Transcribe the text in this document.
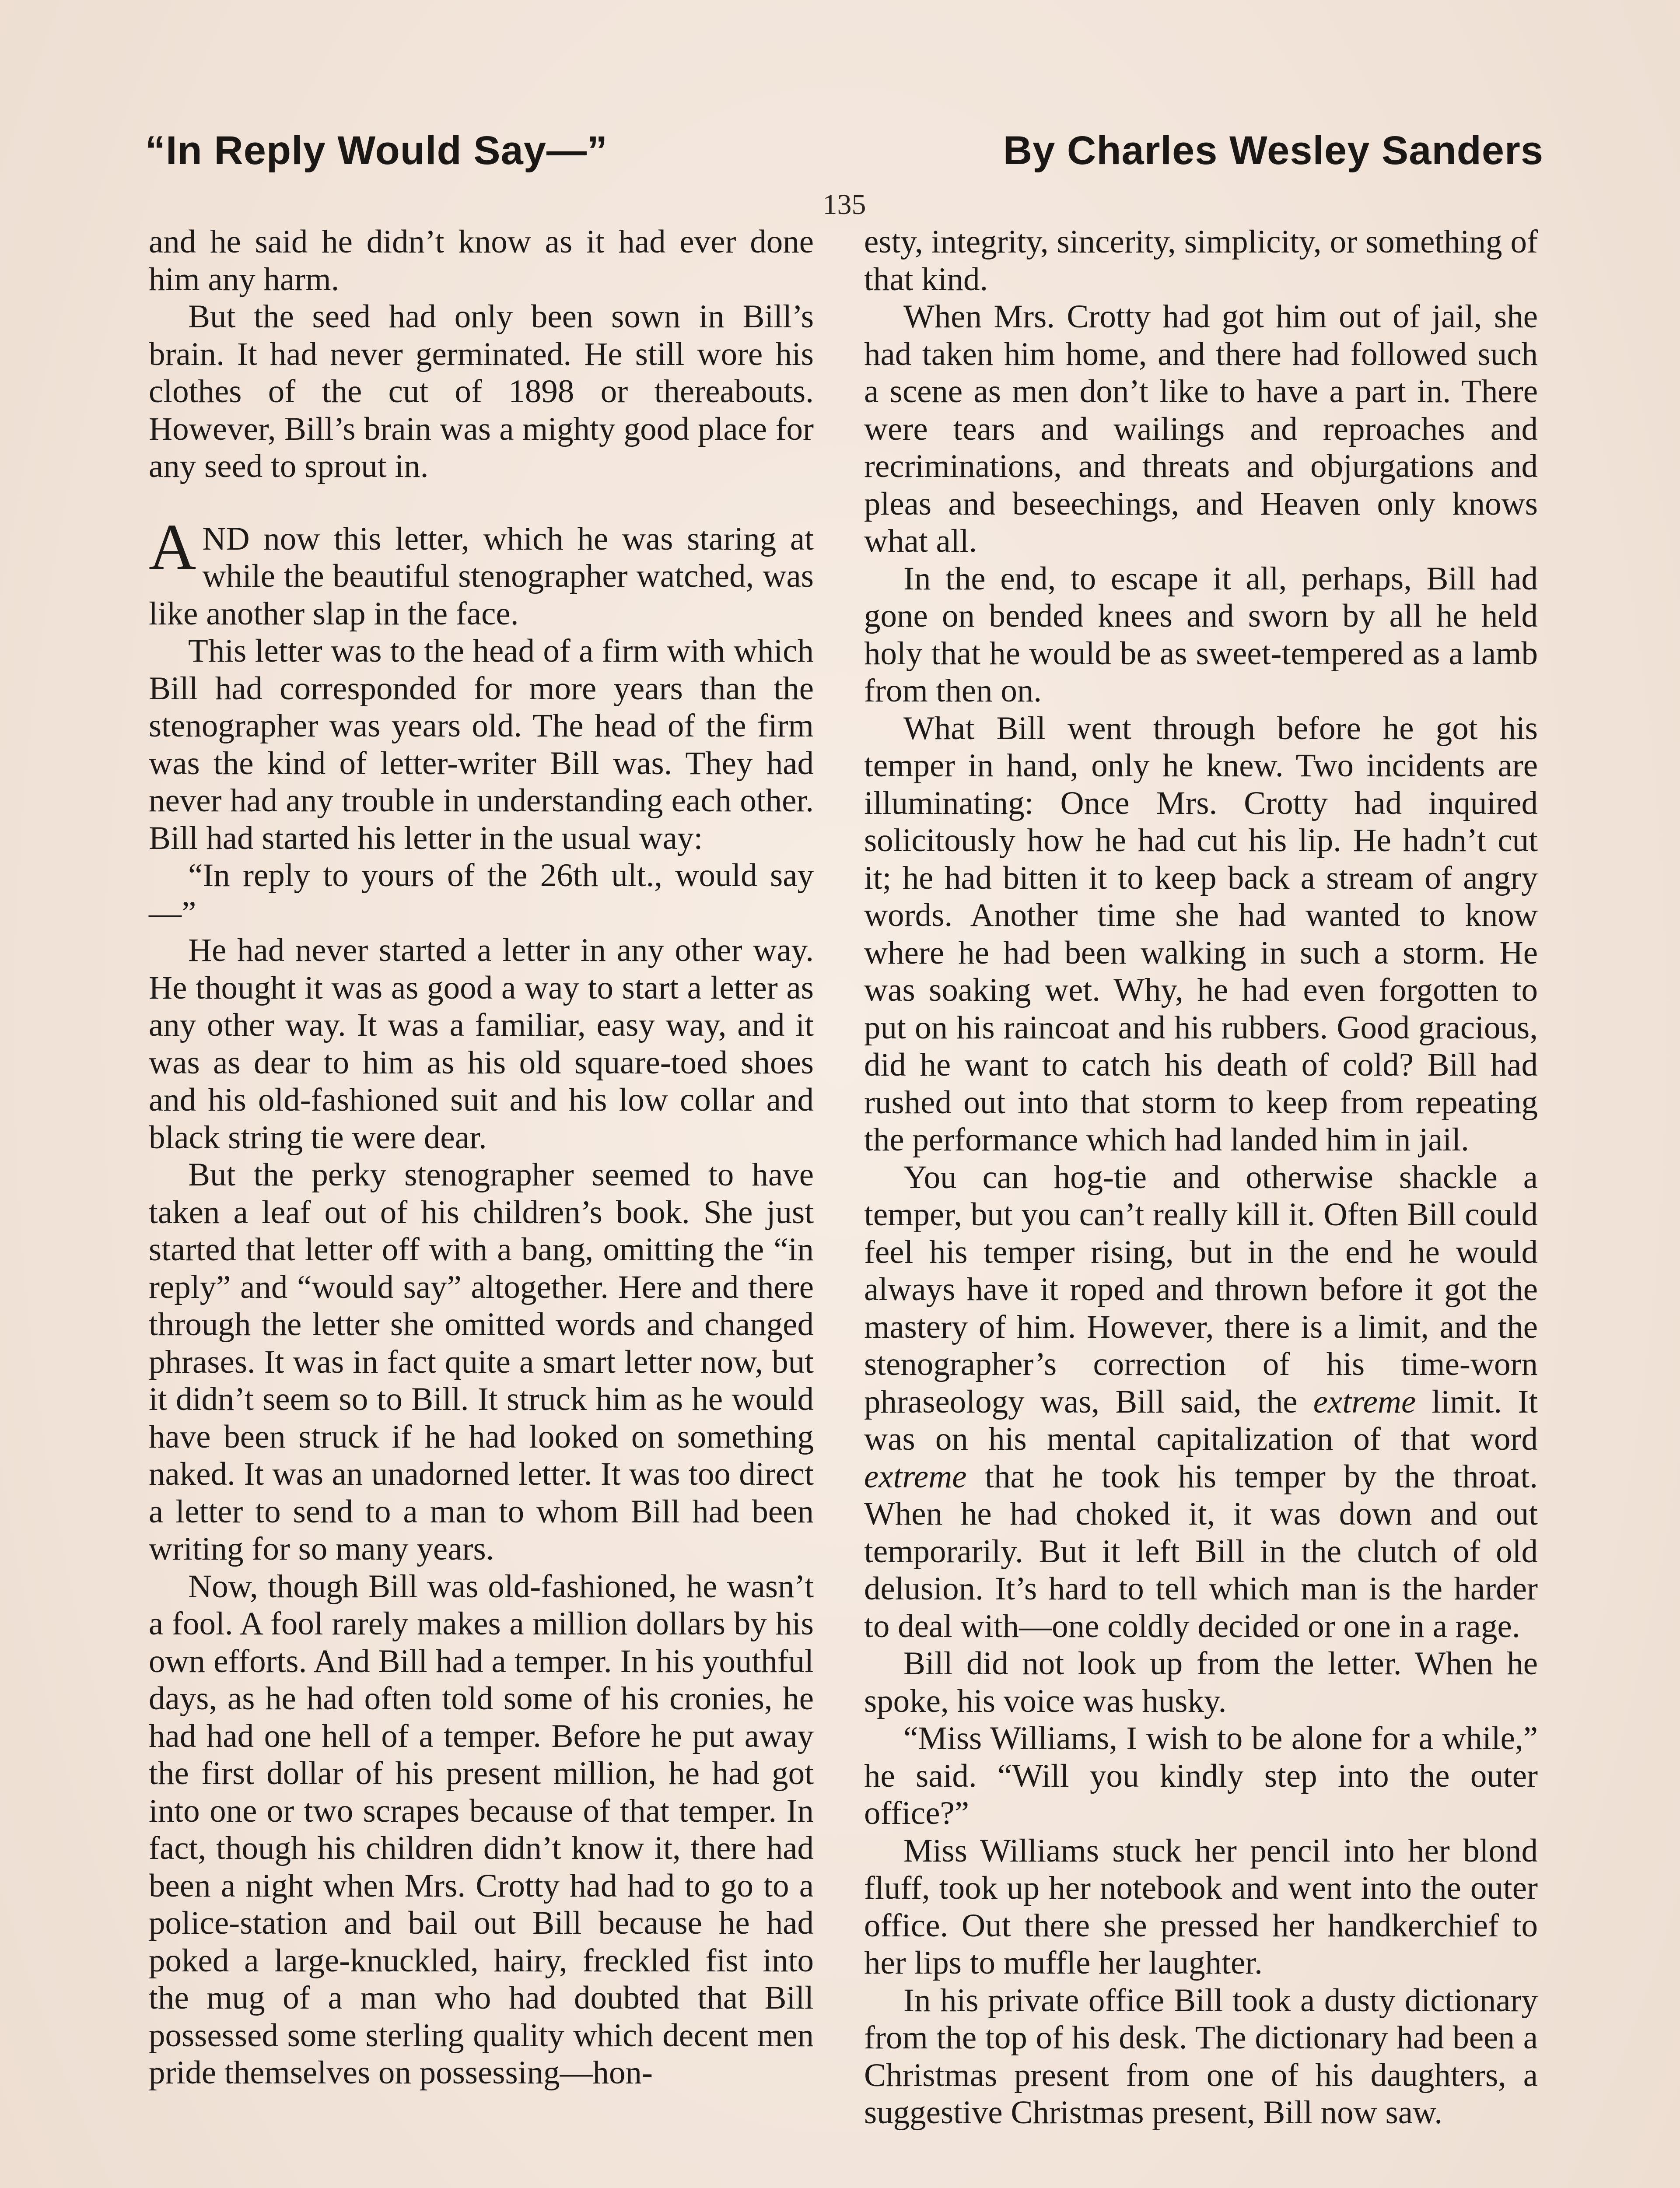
“In Reply Would Say—”	By Charles Wesley Sanders
135

and he said he didn’t know as it had ever done him any harm.

But the seed had only been sown in Bill’s brain. It had never germinated. He still wore his clothes of the cut of 1898 or thereabouts. However, Bill’s brain was a mighty good place for any seed to sprout in.

AND now this letter, which he was staring at while the beautiful stenographer watched, was like another slap in the face.

This letter was to the head of a firm with which Bill had corresponded for more years than the stenographer was years old. The head of the firm was the kind of letter-writer Bill was. They had never had any trouble in understanding each other. Bill had started his letter in the usual way:

“In reply to yours of the 26th ult., would say—”

He had never started a letter in any other way. He thought it was as good a way to start a letter as any other way. It was a familiar, easy way, and it was as dear to him as his old square-toed shoes and his old-fashioned suit and his low collar and black string tie were dear.

But the perky stenographer seemed to have taken a leaf out of his children’s book. She just started that letter off with a bang, omitting the “in reply” and “would say” altogether. Here and there through the letter she omitted words and changed phrases. It was in fact quite a smart letter now, but it didn’t seem so to Bill. It struck him as he would have been struck if he had looked on something naked. It was an unadorned letter. It was too direct a letter to send to a man to whom Bill had been writing for so many years.

Now, though Bill was old-fashioned, he wasn’t a fool. A fool rarely makes a million dollars by his own efforts. And Bill had a temper. In his youthful days, as he had often told some of his cronies, he had had one hell of a temper. Before he put away the first dollar of his present million, he had got into one or two scrapes because of that temper. In fact, though his children didn’t know it, there had been a night when Mrs. Crotty had had to go to a police-station and bail out Bill because he had poked a large-knuckled, hairy, freckled fist into the mug of a man who had doubted that Bill possessed some sterling quality which decent men pride themselves on possessing—hon-

esty, integrity, sincerity, simplicity, or something of that kind.

When Mrs. Crotty had got him out of jail, she had taken him home, and there had followed such a scene as men don’t like to have a part in. There were tears and wailings and reproaches and recriminations, and threats and objurgations and pleas and beseechings, and Heaven only knows what all.

In the end, to escape it all, perhaps, Bill had gone on bended knees and sworn by all he held holy that he would be as sweet-tempered as a lamb from then on.

What Bill went through before he got his temper in hand, only he knew. Two incidents are illuminating: Once Mrs. Crotty had inquired solicitously how he had cut his lip. He hadn’t cut it; he had bitten it to keep back a stream of angry words. Another time she had wanted to know where he had been walking in such a storm. He was soaking wet. Why, he had even forgotten to put on his raincoat and his rubbers. Good gracious, did he want to catch his death of cold? Bill had rushed out into that storm to keep from repeating the performance which had landed him in jail.

You can hog-tie and otherwise shackle a temper, but you can’t really kill it. Often Bill could feel his temper rising, but in the end he would always have it roped and thrown before it got the mastery of him. However, there is a limit, and the stenographer’s correction of his time-worn phraseology was, Bill said, the extreme limit. It was on his mental capitalization of that word extreme that he took his temper by the throat. When he had choked it, it was down and out temporarily. But it left Bill in the clutch of old delusion. It’s hard to tell which man is the harder to deal with—one coldly decided or one in a rage.

Bill did not look up from the letter. When he spoke, his voice was husky.

“Miss Williams, I wish to be alone for a while,” he said. “Will you kindly step into the outer office?”

Miss Williams stuck her pencil into her blond fluff, took up her notebook and went into the outer office. Out there she pressed her handkerchief to her lips to muffle her laughter.

In his private office Bill took a dusty dictionary from the top of his desk. The dictionary had been a Christmas present from one of his daughters, a suggestive Christmas present, Bill now saw.
